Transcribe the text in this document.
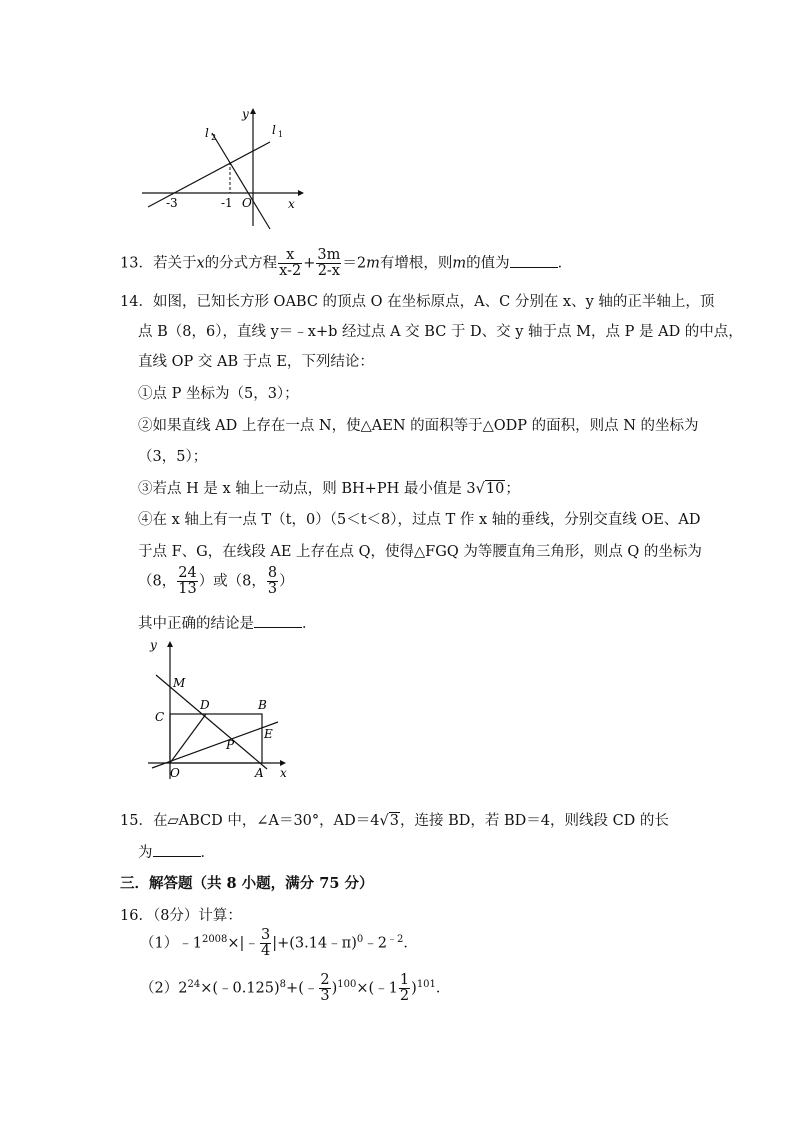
y
x
l 1
l 2
-3	-1 O
13．若关于x的分式方程 $\frac{x}{x-2} + \frac{3m}{2-x} =2m$有增根，则m的值为	．
14．如图，已知长方形 OABC 的顶点 O 在坐标原点，A、C 分别在 x、y 轴的正半轴上，顶
点 B（8，6），直线 y＝﹣x+b 经过点 A 交 BC 于 D、交 y 轴于点 M，点 P 是 AD 的中点，
直线 OP 交 AB 于点 E，下列结论：
①点 P 坐标为（5，3）；
②如果直线 AD 上存在一点 N，使△AEN 的面积等于△ODP 的面积，则点 N 的坐标为
（3，5）；
③若点 H 是 x 轴上一动点，则 BH+PH 最小值是 3√10；
④在 x 轴上有一点 T（t，0）（5＜t＜8），过点 T 作 x 轴的垂线，分别交直线 OE、AD
于点 F、G，在线段 AE 上存在点 Q，使得△FGQ 为等腰直角三角形，则点 Q 的坐标为
（8， $\frac{24}{13}$ ）或（8， $\frac{8}{3}$ ）
其中正确的结论是	．
y
M
D	B
C
E
P
O	A x
15．在▱ABCD 中，∠A＝30°，AD＝4√3，连接 BD，若 BD＝4，则线段 CD 的长
为	．
三．解答题（共 8 小题，满分 75 分）
16．（8分）计算：
$(1)﹣1^{2008}\times|﹣ \frac{3}{4}$ $|+(3.14﹣\pi)^0﹣2^{﹣2}$．
$(2)2^{24}\times(﹣0.125)^8+(﹣ \frac{2}{3}$ )$^{100}$×(﹣1 $\frac{1}{2} )^{101}$．
